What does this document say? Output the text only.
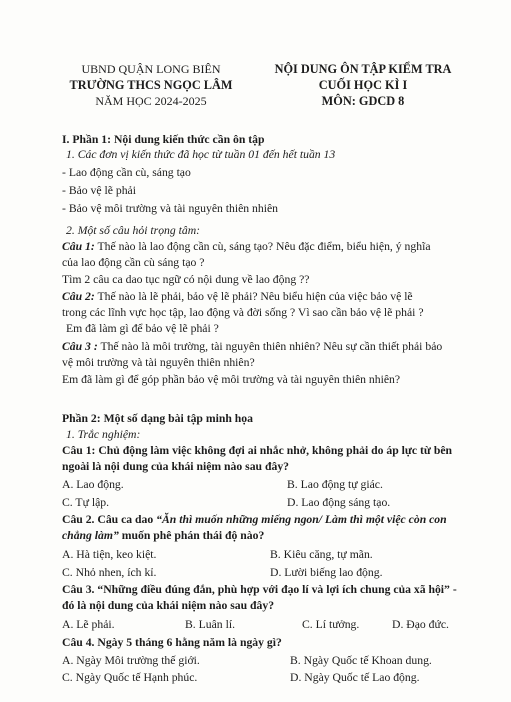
UBND QUẬN LONG BIÊN
TRƯỜNG THCS NGỌC LÂM
NĂM HỌC 2024-2025
NỘI DUNG ÔN TẬP KIỂM TRA
CUỐI HỌC KÌ I
MÔN: GDCD 8
I. Phần 1: Nội dung kiến thức cần ôn tập
1. Các đơn vị kiến thức đã học từ tuần 01 đến hết tuần 13
- Lao động cần cù, sáng tạo
- Bảo vệ lẽ phải
- Bảo vệ môi trường và tài nguyên thiên nhiên
2. Một số câu hỏi trọng tâm:
Câu 1: Thế nào là lao động cần cù, sáng tạo? Nêu đặc điểm, biểu hiện, ý nghĩa
của lao động cần cù sáng tạo ?
Tìm 2 câu ca dao tục ngữ có nội dung về lao động ??
Câu 2: Thế nào là lẽ phải, bảo vệ lẽ phải? Nêu biểu hiện của việc bảo vệ lẽ
trong các lĩnh vực học tập, lao động và đời sống ? Vì sao cần bảo vệ lẽ phải ?
Em đã làm gì để bảo vệ lẽ phải ?
Câu 3 : Thế nào là môi trường, tài nguyên thiên nhiên? Nêu sự cần thiết phải bảo
vệ môi trường và tài nguyên thiên nhiên?
Em đã làm gì để góp phần bảo vệ môi trường và tài nguyên thiên nhiên?
Phần 2: Một số dạng bài tập minh họa
1. Trắc nghiệm:
Câu 1: Chủ động làm việc không đợi ai nhắc nhở, không phải do áp lực từ bên
ngoài là nội dung của khái niệm nào sau đây?
A. Lao động.	B. Lao động tự giác.
C. Tự lập.	D. Lao động sáng tạo.
Câu 2. Câu ca dao “Ăn thì muốn những miếng ngon/ Làm thì một việc còn con
chẳng làm” muốn phê phán thái độ nào?
A. Hà tiện, keo kiệt.	B. Kiêu căng, tự mãn.
C. Nhỏ nhen, ích kỉ.	D. Lười biếng lao động.
Câu 3. “Những điều đúng đắn, phù hợp với đạo lí và lợi ích chung của xã hội” -
đó là nội dung của khái niệm nào sau đây?
A. Lẽ phải.	B. Luân lí.	C. Lí tưởng.	D. Đạo đức.
Câu 4. Ngày 5 tháng 6 hằng năm là ngày gì?
A. Ngày Môi trường thế giới.	B. Ngày Quốc tế Khoan dung.
C. Ngày Quốc tế Hạnh phúc.	D. Ngày Quốc tế Lao động.
